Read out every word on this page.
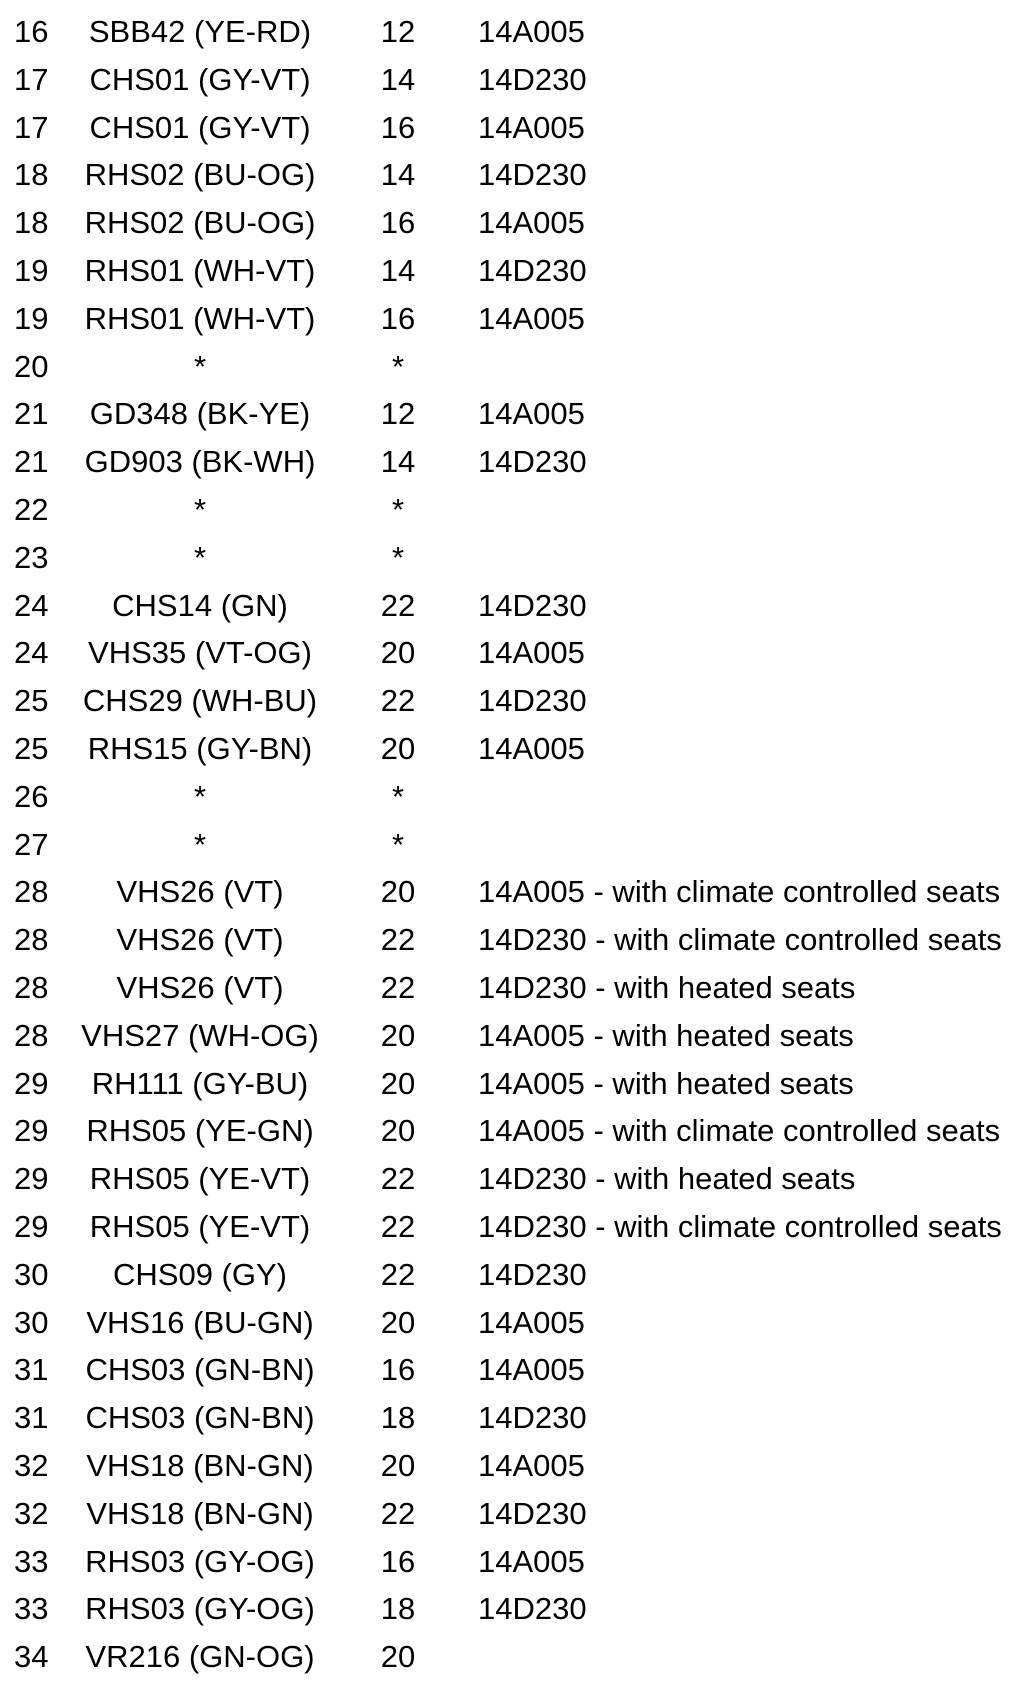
16 SBB42 (YE-RD) 12 14A005
17 CHS01 (GY-VT) 14 14D230
17 CHS01 (GY-VT) 16 14A005
18 RHS02 (BU-OG) 14 14D230
18 RHS02 (BU-OG) 16 14A005
19 RHS01 (WH-VT) 14 14D230
19 RHS01 (WH-VT) 16 14A005
20	*	*
21 GD348 (BK-YE) 12 14A005
21 GD903 (BK-WH) 14 14D230
22	*	*
23	*	*
24 CHS14 (GN)	22 14D230
24 VHS35 (VT-OG) 20 14A005
25 CHS29 (WH-BU) 22 14D230
25 RHS15 (GY-BN) 20 14A005
26	*	*
27	*	*
28 VHS26 (VT)	20 14A005 - with climate controlled seats
28 VHS26 (VT)	22 14D230 - with climate controlled seats
28 VHS26 (VT)	22 14D230 - with heated seats
28 VHS27 (WH-OG) 20 14A005 - with heated seats
29 RH111 (GY-BU) 20 14A005 - with heated seats
29 RHS05 (YE-GN) 20 14A005 - with climate controlled seats
29 RHS05 (YE-VT) 22 14D230 - with heated seats
29 RHS05 (YE-VT) 22 14D230 - with climate controlled seats
30 CHS09 (GY)	22 14D230
30 VHS16 (BU-GN) 20 14A005
31 CHS03 (GN-BN) 16 14A005
31 CHS03 (GN-BN) 18 14D230
32 VHS18 (BN-GN) 20 14A005
32 VHS18 (BN-GN) 22 14D230
33 RHS03 (GY-OG) 16 14A005
33 RHS03 (GY-OG) 18 14D230
34 VR216 (GN-OG) 20
